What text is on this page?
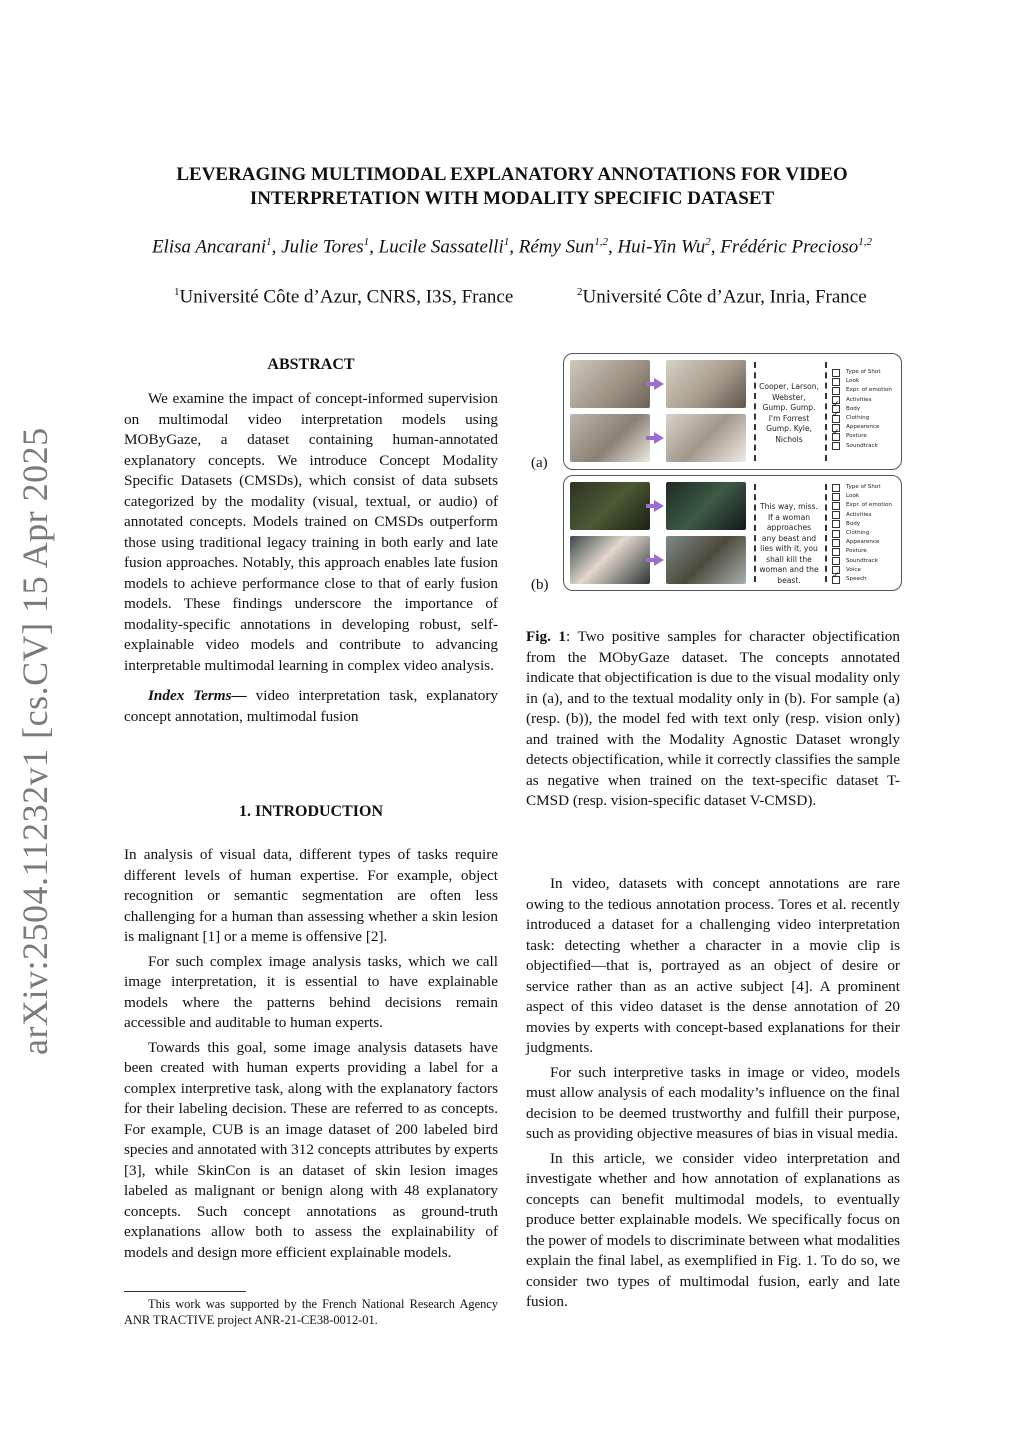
arXiv:2504.11232v1 [cs.CV] 15 Apr 2025
LEVERAGING MULTIMODAL EXPLANATORY ANNOTATIONS FOR VIDEO INTERPRETATION WITH MODALITY SPECIFIC DATASET
Elisa Ancarani$^1$, Julie Tores$^1$, Lucile Sassatelli$^1$, Rémy Sun$^{1,2}$, Hui-Yin Wu$^2$, Frédéric Precioso$^{1,2}$
$^1$Université Côte d’Azur, CNRS, I3S, France	$^2$Université Côte d’Azur, Inria, France
ABSTRACT

We examine the impact of concept-informed supervision on multimodal video interpretation models using MOByGaze, a dataset containing human-annotated explanatory concepts. We introduce Concept Modality Specific Datasets (CMSDs), which consist of data subsets categorized by the modality (visual, textual, or audio) of annotated concepts. Models trained on CMSDs outperform those using traditional legacy training in both early and late fusion approaches. Notably, this approach enables late fusion models to achieve performance close to that of early fusion models. These findings underscore the importance of modality-specific annotations in developing robust, self-explainable video models and contribute to advancing interpretable multimodal learning in complex video analysis.

Index Terms— video interpretation task, explanatory concept annotation, multimodal fusion

1. INTRODUCTION

In analysis of visual data, different types of tasks require different levels of human expertise. For example, object recognition or semantic segmentation are often less challenging for a human than assessing whether a skin lesion is malignant [1] or a meme is offensive [2].

For such complex image analysis tasks, which we call image interpretation, it is essential to have explainable models where the patterns behind decisions remain accessible and auditable to human experts.

Towards this goal, some image analysis datasets have been created with human experts providing a label for a complex interpretive task, along with the explanatory factors for their labeling decision. These are referred to as concepts. For example, CUB is an image dataset of 200 labeled bird species and annotated with 312 concepts attributes by experts [3], while SkinCon is an dataset of skin lesion images labeled as malignant or benign along with 48 explanatory concepts. Such concept annotations as ground-truth explanations allow both to assess the explainability of models and design more efficient explainable models.

This work was supported by the French National Research Agency ANR TRACTIVE project ANR-21-CE38-0012-01.
(a)
(b)
Cooper, Larson, Webster, Gump. Gump. I'm Forrest Gump. Kyle, Nichols
Type of Shot
Look
Expr. of emotion
Activities
✓
Body
✓
Clothing
Appearence
✓
Posture
Soundtrack
This way, miss. If a woman approaches any beast and lies with it, you shall kill the woman and the beast.
Type of Shot
Look
Expr. of emotion
Activities
Body
Clothing
Appearence
Posture
Soundtrack
Voice
✓
Speech

Fig. 1: Two positive samples for character objectification from the MObyGaze dataset. The concepts annotated indicate that objectification is due to the visual modality only in (a), and to the textual modality only in (b). For sample (a) (resp. (b)), the model fed with text only (resp. vision only) and trained with the Modality Agnostic Dataset wrongly detects objectification, while it correctly classifies the sample as negative when trained on the text-specific dataset T-CMSD (resp. vision-specific dataset V-CMSD).

In video, datasets with concept annotations are rare owing to the tedious annotation process. Tores et al. recently introduced a dataset for a challenging video interpretation task: detecting whether a character in a movie clip is objectified—that is, portrayed as an object of desire or service rather than as an active subject [4]. A prominent aspect of this video dataset is the dense annotation of 20 movies by experts with concept-based explanations for their judgments.

For such interpretive tasks in image or video, models must allow analysis of each modality’s influence on the final decision to be deemed trustworthy and fulfill their purpose, such as providing objective measures of bias in visual media.

In this article, we consider video interpretation and investigate whether and how annotation of explanations as concepts can benefit multimodal models, to eventually produce better explainable models. We specifically focus on the power of models to discriminate between what modalities explain the final label, as exemplified in Fig. 1. To do so, we consider two types of multimodal fusion, early and late fusion.
